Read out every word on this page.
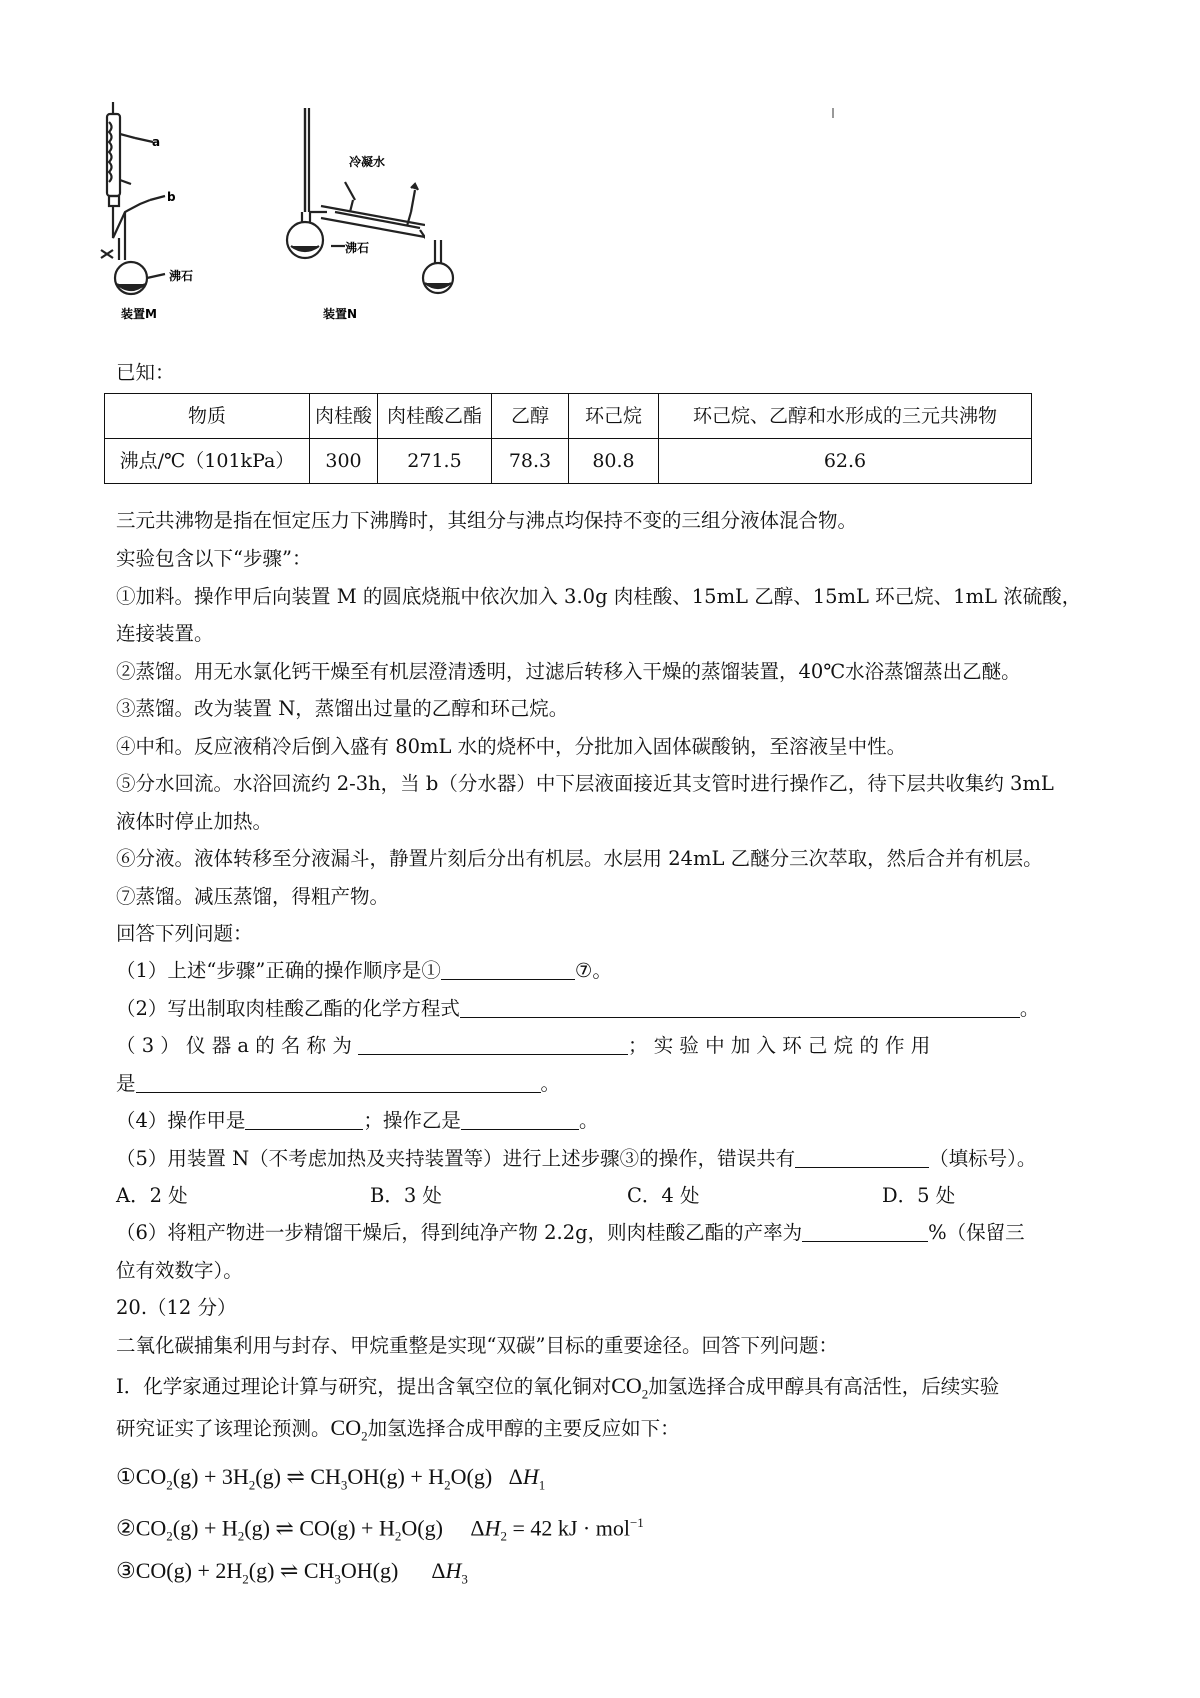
a
b
沸石
装置M
冷凝水
沸石
装置N
已知：
物质	肉桂酸	肉桂酸乙酯	乙醇	环己烷	环己烷、乙醇和水形成的三元共沸物
沸点/℃（101kPa）	300	271.5	78.3	80.8	62.6
三元共沸物是指在恒定压力下沸腾时，其组分与沸点均保持不变的三组分液体混合物。
实验包含以下“步骤”：
①加料。操作甲后向装置 M 的圆底烧瓶中依次加入 3.0g 肉桂酸、15mL 乙醇、15mL 环己烷、1mL 浓硫酸，
连接装置。
②蒸馏。用无水氯化钙干燥至有机层澄清透明，过滤后转移入干燥的蒸馏装置，40℃水浴蒸馏蒸出乙醚。
③蒸馏。改为装置 N，蒸馏出过量的乙醇和环己烷。
④中和。反应液稍冷后倒入盛有 80mL 水的烧杯中，分批加入固体碳酸钠，至溶液呈中性。
⑤分水回流。水浴回流约 2-3h，当 b（分水器）中下层液面接近其支管时进行操作乙，待下层共收集约 3mL
液体时停止加热。
⑥分液。液体转移至分液漏斗，静置片刻后分出有机层。水层用 24mL 乙醚分三次萃取，然后合并有机层。
⑦蒸馏。减压蒸馏，得粗产物。
回答下列问题：
（1）上述“步骤”正确的操作顺序是①	⑦。
（2）写出制取肉桂酸乙酯的化学方程式	。
（ 3 ） 仪 器 a 的 名 称 为	； 实 验 中 加 入 环 己 烷 的 作 用
是	。
（4）操作甲是	；操作乙是	。
（5）用装置 N（不考虑加热及夹持装置等）进行上述步骤③的操作，错误共有	（填标号）。
A．2 处	B．3 处	C．4 处	D．5 处
（6）将粗产物进一步精馏干燥后，得到纯净产物 2.2g，则肉桂酸乙酯的产率为	%（保留三
位有效数字）。
20.（12 分）
二氧化碳捕集利用与封存、甲烷重整是实现“双碳”目标的重要途径。回答下列问题：
Ⅰ．化学家通过理论计算与研究，提出含氧空位的氧化铜对$CO_2$加氢选择合成甲醇具有高活性，后续实验
研究证实了该理论预测。$CO_2$加氢选择合成甲醇的主要反应如下：
$①CO_2(g) + 3H_2(g)$ ⇌ $CH_3OH(g) + H_2O(g)$   $\Delta H_1$
$②CO_2(g) + H_2(g)$ ⇌ $CO(g) + H_2O(g)$     $\Delta H_2 = 42$ kJ · mol$^{-1}$
③CO(g) + $2H_2(g)$ ⇌ $CH_3OH(g)$      $\Delta H_3$
